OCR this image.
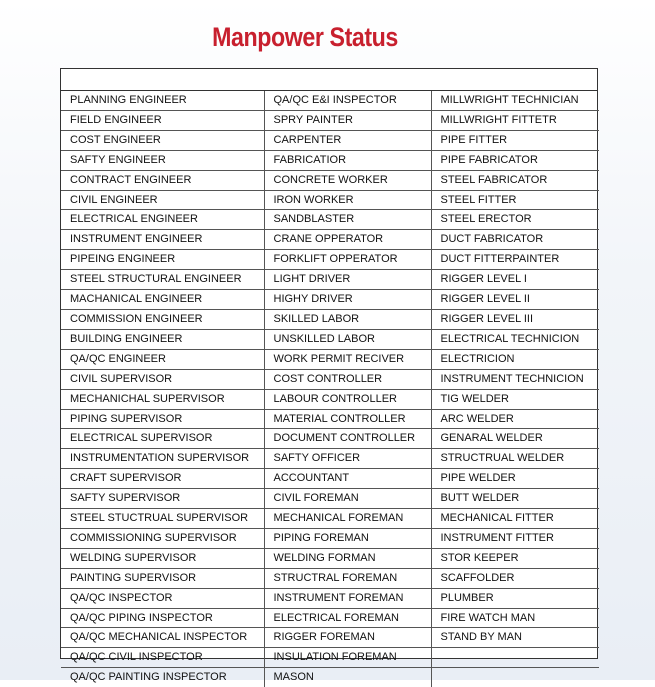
Manpower Status
PLANNING ENGINEER	QA/QC E&I INSPECTOR	MILLWRIGHT TECHNICIAN
FIELD ENGINEER	SPRY PAINTER	MILLWRIGHT FITTETR
COST ENGINEER	CARPENTER	PIPE FITTER
SAFTY ENGINEER	FABRICATIOR	PIPE FABRICATOR
CONTRACT ENGINEER	CONCRETE WORKER	STEEL FABRICATOR
CIVIL ENGINEER	IRON WORKER	STEEL FITTER
ELECTRICAL ENGINEER	SANDBLASTER	STEEL ERECTOR
INSTRUMENT ENGINEER	CRANE OPPERATOR	DUCT FABRICATOR
PIPEING ENGINEER	FORKLIFT OPPERATOR	DUCT FITTERPAINTER
STEEL STRUCTURAL ENGINEER	LIGHT DRIVER	RIGGER LEVEL I
MACHANICAL ENGINEER	HIGHY DRIVER	RIGGER LEVEL II
COMMISSION ENGINEER	SKILLED LABOR	RIGGER LEVEL III
BUILDING ENGINEER	UNSKILLED LABOR	ELECTRICAL TECHNICION
QA/QC ENGINEER	WORK PERMIT RECIVER	ELECTRICION
CIVIL SUPERVISOR	COST CONTROLLER	INSTRUMENT TECHNICION
MECHANICHAL SUPERVISOR	LABOUR CONTROLLER	TIG WELDER
PIPING SUPERVISOR	MATERIAL CONTROLLER	ARC WELDER
ELECTRICAL SUPERVISOR	DOCUMENT CONTROLLER	GENARAL WELDER
INSTRUMENTATION SUPERVISOR	SAFTY OFFICER	STRUCTRUAL WELDER
CRAFT SUPERVISOR	ACCOUNTANT	PIPE WELDER
SAFTY SUPERVISOR	CIVIL FOREMAN	BUTT WELDER
STEEL STUCTRUAL SUPERVISOR	MECHANICAL FOREMAN	MECHANICAL FITTER
COMMISSIONING SUPERVISOR	PIPING FOREMAN	INSTRUMENT FITTER
WELDING SUPERVISOR	WELDING FORMAN	STOR KEEPER
PAINTING SUPERVISOR	STRUCTRAL FOREMAN	SCAFFOLDER
QA/QC INSPECTOR	INSTRUMENT FOREMAN	PLUMBER
QA/QC PIPING INSPECTOR	ELECTRICAL FOREMAN	FIRE WATCH MAN
QA/QC MECHANICAL INSPECTOR	RIGGER FOREMAN	STAND BY MAN
QA/QC CIVIL INSPECTOR	INSULATION FOREMAN	
QA/QC PAINTING INSPECTOR	MASON	
